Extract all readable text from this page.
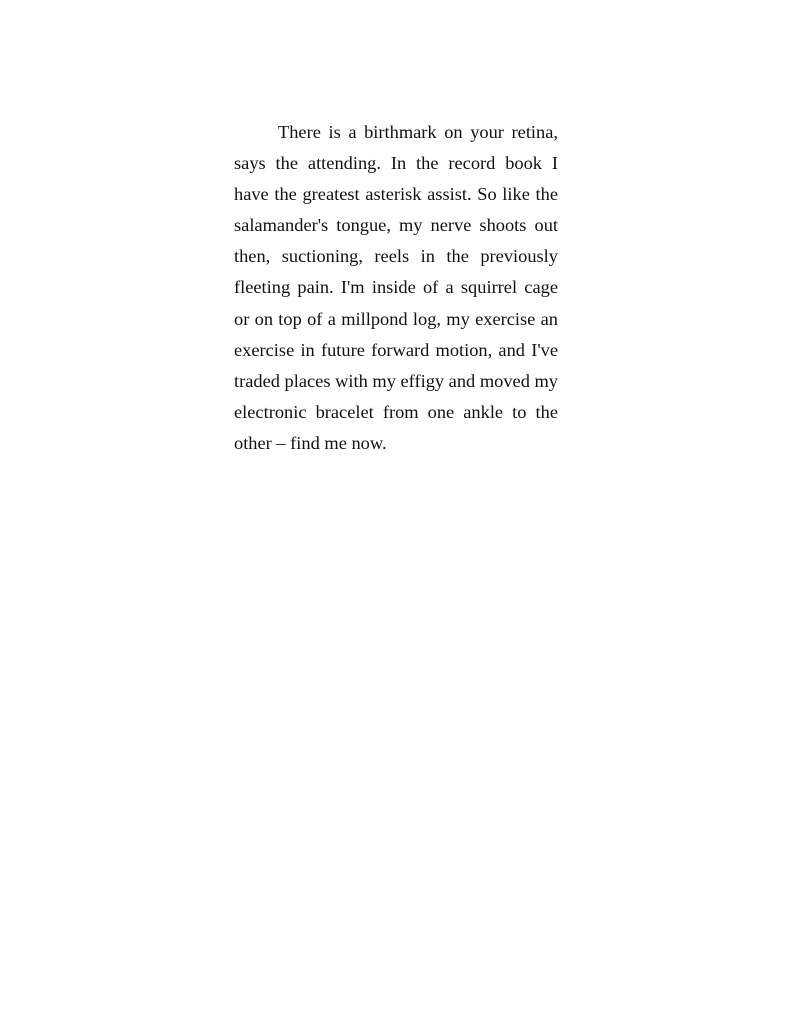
There is a birthmark on your retina, says the attending. In the record book I have the greatest asterisk assist. So like the salamander's tongue, my nerve shoots out then, suctioning, reels in the previously fleeting pain. I'm inside of a squirrel cage or on top of a millpond log, my exercise an exercise in future forward motion, and I've traded places with my effigy and moved my electronic bracelet from one ankle to the other – find me now.
